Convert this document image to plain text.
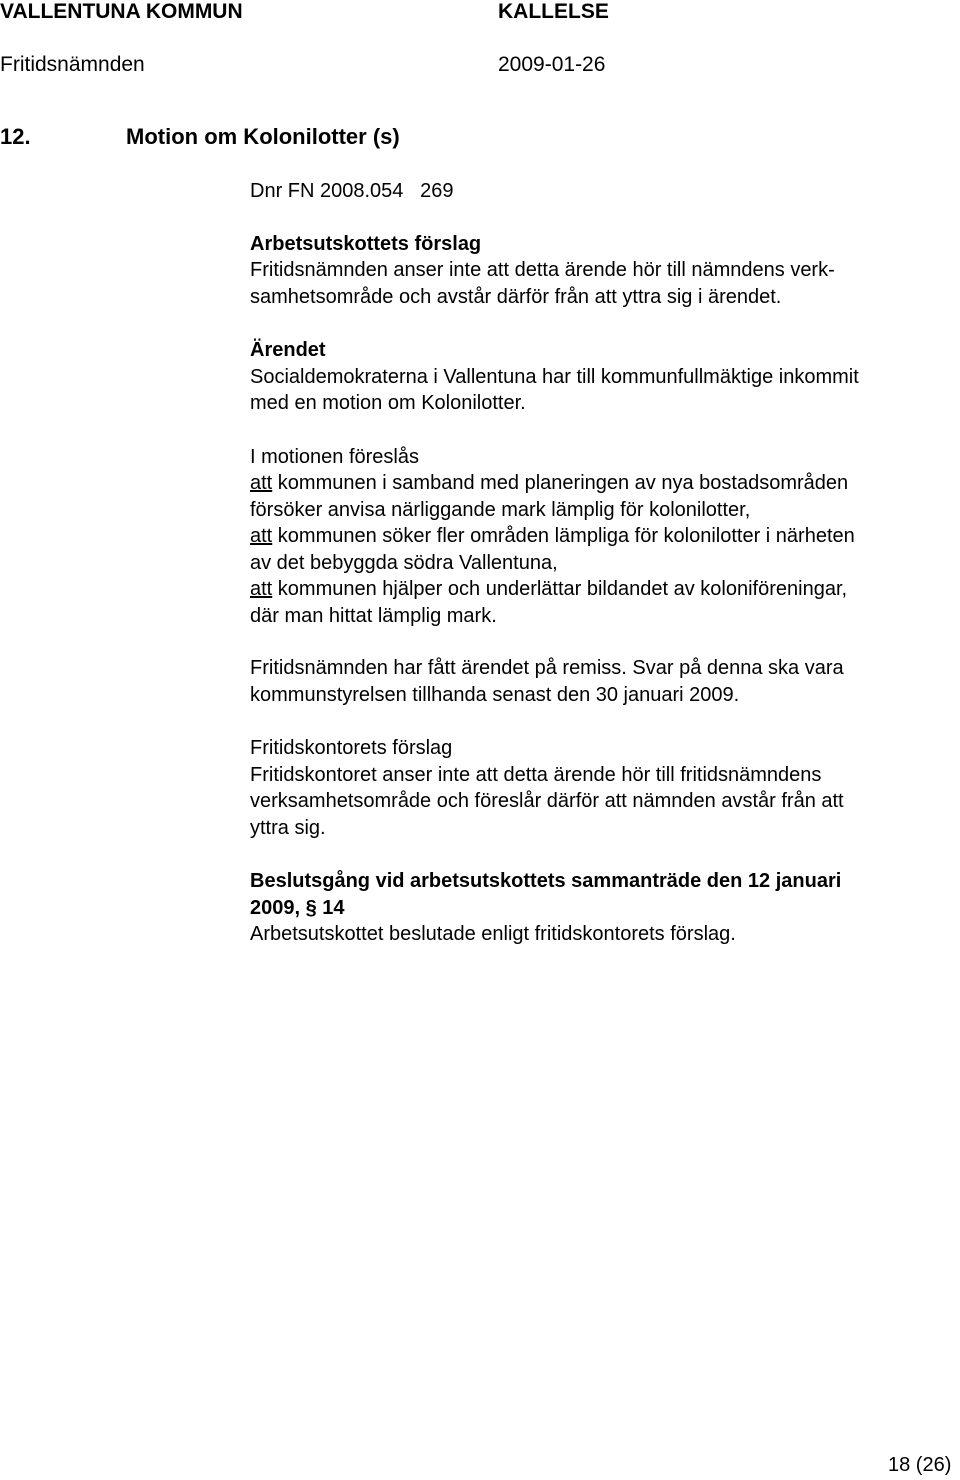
VALLENTUNA KOMMUN	KALLELSE
Fritidsnämnden	2009-01-26
12.	Motion om Kolonilotter (s)
Dnr FN 2008.054   269
Arbetsutskottets förslag
Fritidsnämnden anser inte att detta ärende hör till nämndens verk-
samhetsområde och avstår därför från att yttra sig i ärendet.
Ärendet
Socialdemokraterna i Vallentuna har till kommunfullmäktige inkommit
med en motion om Kolonilotter.
I motionen föreslås
att kommunen i samband med planeringen av nya bostadsområden
försöker anvisa närliggande mark lämplig för kolonilotter,
att kommunen söker fler områden lämpliga för kolonilotter i närheten
av det bebyggda södra Vallentuna,
att kommunen hjälper och underlättar bildandet av koloniföreningar,
där man hittat lämplig mark.
Fritidsnämnden har fått ärendet på remiss. Svar på denna ska vara
kommunstyrelsen tillhanda senast den 30 januari 2009.
Fritidskontorets förslag
Fritidskontoret anser inte att detta ärende hör till fritidsnämndens
verksamhetsområde och föreslår därför att nämnden avstår från att
yttra sig.
Beslutsgång vid arbetsutskottets sammanträde den 12 januari
2009, § 14
Arbetsutskottet beslutade enligt fritidskontorets förslag.
18 (26)
